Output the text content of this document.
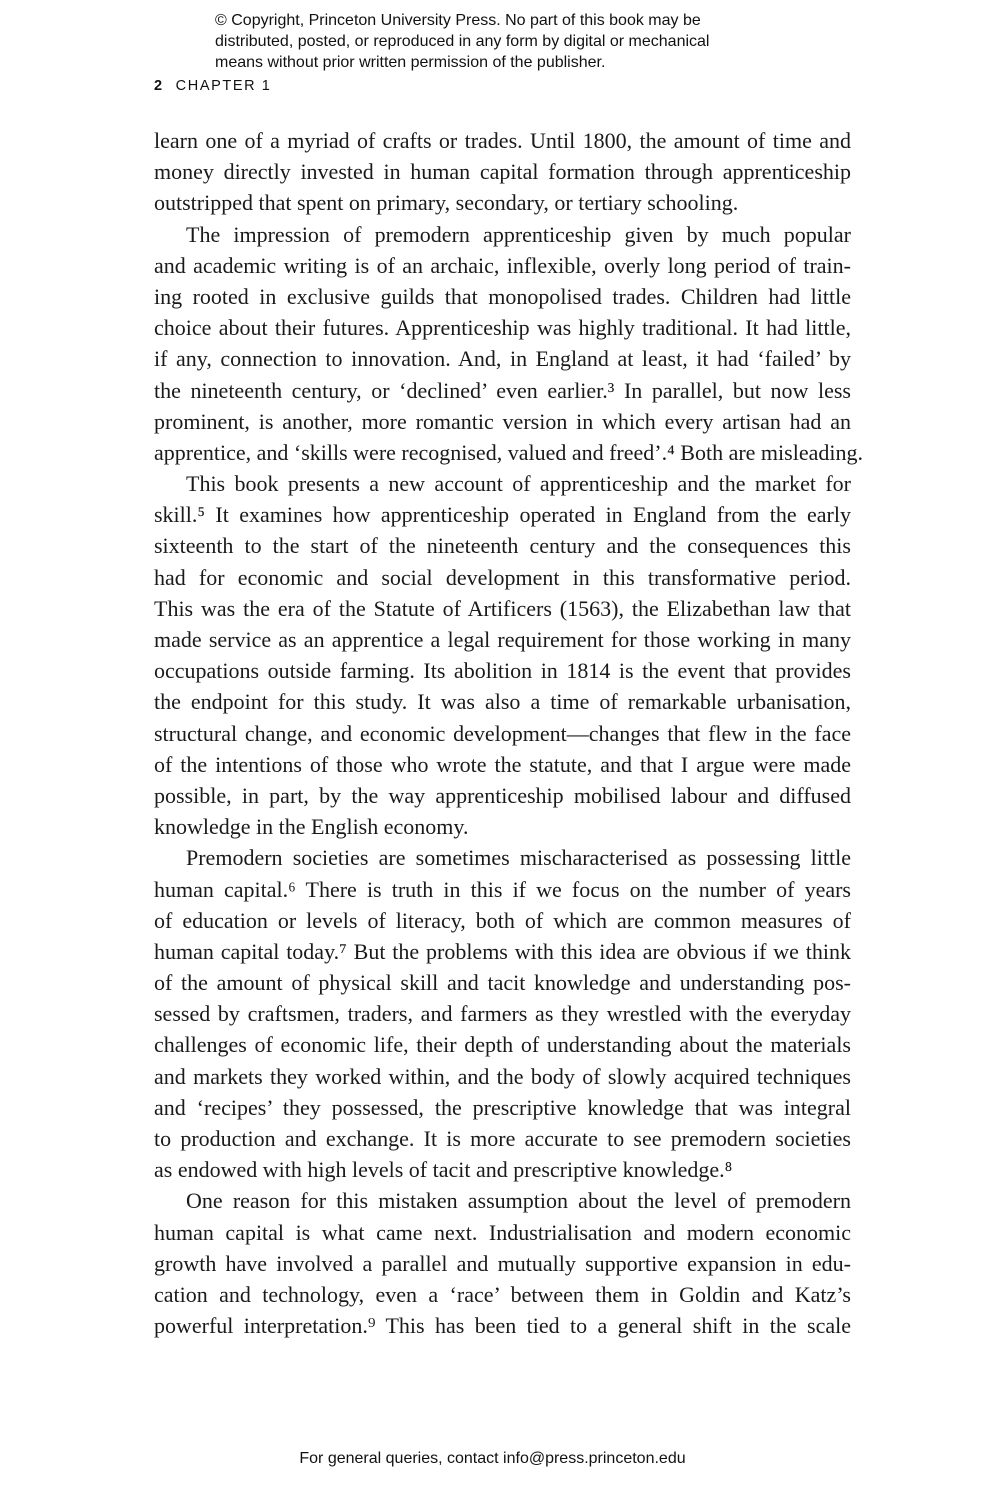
© Copyright, Princeton University Press. No part of this book may be
distributed, posted, or reproduced in any form by digital or mechanical
means without prior written permission of the publisher.
2 CHAPTER 1
learn one of a myriad of crafts or trades. Until 1800, the amount of time and
money directly invested in human capital formation through apprenticeship
outstripped that spent on primary, secondary, or tertiary schooling.
The impression of premodern apprenticeship given by much popular
and academic writing is of an archaic, inflexible, overly long period of train-
ing rooted in exclusive guilds that monopolised trades. Children had little
choice about their futures. Apprenticeship was highly traditional. It had little,
if any, connection to innovation. And, in England at least, it had ‘failed’ by
the nineteenth century, or ‘declined’ even earlier.³ In parallel, but now less
prominent, is another, more romantic version in which every artisan had an
apprentice, and ‘skills were recognised, valued and freed’.⁴ Both are misleading.
This book presents a new account of apprenticeship and the market for
skill.⁵ It examines how apprenticeship operated in England from the early
sixteenth to the start of the nineteenth century and the consequences this
had for economic and social development in this transformative period.
This was the era of the Statute of Artificers (1563), the Elizabethan law that
made service as an apprentice a legal requirement for those working in many
occupations outside farming. Its abolition in 1814 is the event that provides
the endpoint for this study. It was also a time of remarkable urbanisation,
structural change, and economic development—changes that flew in the face
of the intentions of those who wrote the statute, and that I argue were made
possible, in part, by the way apprenticeship mobilised labour and diffused
knowledge in the English economy.
Premodern societies are sometimes mischaracterised as possessing little
human capital.⁶ There is truth in this if we focus on the number of years
of education or levels of literacy, both of which are common measures of
human capital today.⁷ But the problems with this idea are obvious if we think
of the amount of physical skill and tacit knowledge and understanding pos-
sessed by craftsmen, traders, and farmers as they wrestled with the everyday
challenges of economic life, their depth of understanding about the materials
and markets they worked within, and the body of slowly acquired techniques
and ‘recipes’ they possessed, the prescriptive knowledge that was integral
to production and exchange. It is more accurate to see premodern societies
as endowed with high levels of tacit and prescriptive knowledge.⁸
One reason for this mistaken assumption about the level of premodern
human capital is what came next. Industrialisation and modern economic
growth have involved a parallel and mutually supportive expansion in edu-
cation and technology, even a ‘race’ between them in Goldin and Katz’s
powerful interpretation.⁹ This has been tied to a general shift in the scale
For general queries, contact info@press.princeton.edu
